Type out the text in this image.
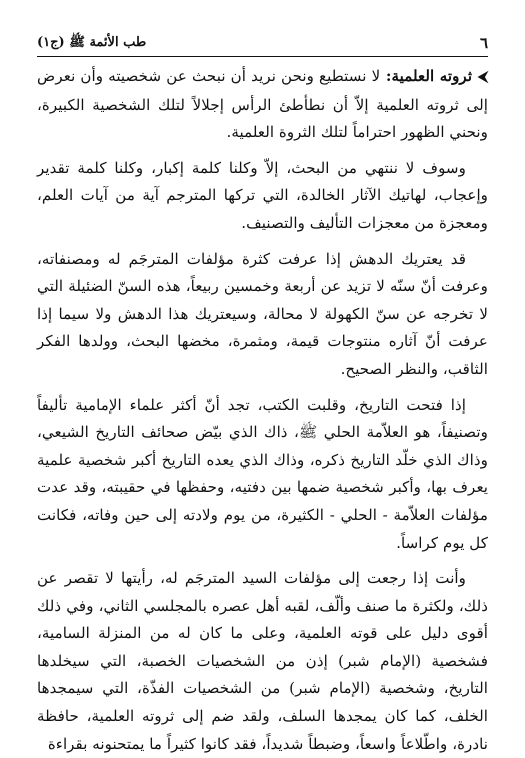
٦
طب الأئمة ﷺ (ج١)

⮜ثروته العلمية: لا نستطيع ونحن نريد أن نبحث عن شخصيته وأن نعرض إلى ثروته العلمية إلاّ أن نطأطئ الرأس إجلالاً لتلك الشخصية الكبيرة، ونحني الظهور احتراماً لتلك الثروة العلمية.

وسوف لا ننتهي من البحث، إلاّ وكلنا كلمة إكبار، وكلنا كلمة تقدير وإعجاب، لهاتيك الآثار الخالدة، التي تركها المترجم آية من آيات العلم، ومعجزة من معجزات التأليف والتصنيف.

قد يعتريك الدهش إذا عرفت كثرة مؤلفات المترجَم له ومصنفاته، وعرفت أنّ سنّه لا تزيد عن أربعة وخمسين ربيعاً، هذه السنّ الضئيلة التي لا تخرجه عن سنّ الكهولة لا محالة، وسيعتريك هذا الدهش ولا سيما إذا عرفت أنّ آثاره منتوجات قيمة، ومثمرة، مخضها البحث، وولدها الفكر الثاقب، والنظر الصحيح.

إذا فتحت التاريخ، وقلبت الكتب، تجد أنّ أكثر علماء الإمامية تأليفاً وتصنيفاً، هو العلاّمة الحلي ﷺ، ذاك الذي بيّض صحائف التاريخ الشيعي، وذاك الذي خلّد التاريخ ذكره، وذاك الذي يعده التاريخ أكبر شخصية علمية يعرف بها، وأكبر شخصية ضمها بين دفتيه، وحفظها في حقيبته، وقد عدت مؤلفات العلاّمة - الحلي - الكثيرة، من يوم ولادته إلى حين وفاته، فكانت كل يوم كراساً.

وأنت إذا رجعت إلى مؤلفات السيد المترجَم له، رأيتها لا تقصر عن ذلك، ولكثرة ما صنف وألّف، لقبه أهل عصره بالمجلسي الثاني، وفي ذلك أقوى دليل على قوته العلمية، وعلى ما كان له من المنزلة السامية، فشخصية (الإمام شبر) إذن من الشخصيات الخصبة، التي سيخلدها التاريخ، وشخصية (الإمام شبر) من الشخصيات الفذّة، التي سيمجدها الخلف، كما كان يمجدها السلف، ولقد ضم إلى ثروته العلمية، حافظة نادرة، واطّلاعاً واسعاً، وضبطاً شديداً، فقد كانوا كثيراً ما يمتحنونه بقراءة
